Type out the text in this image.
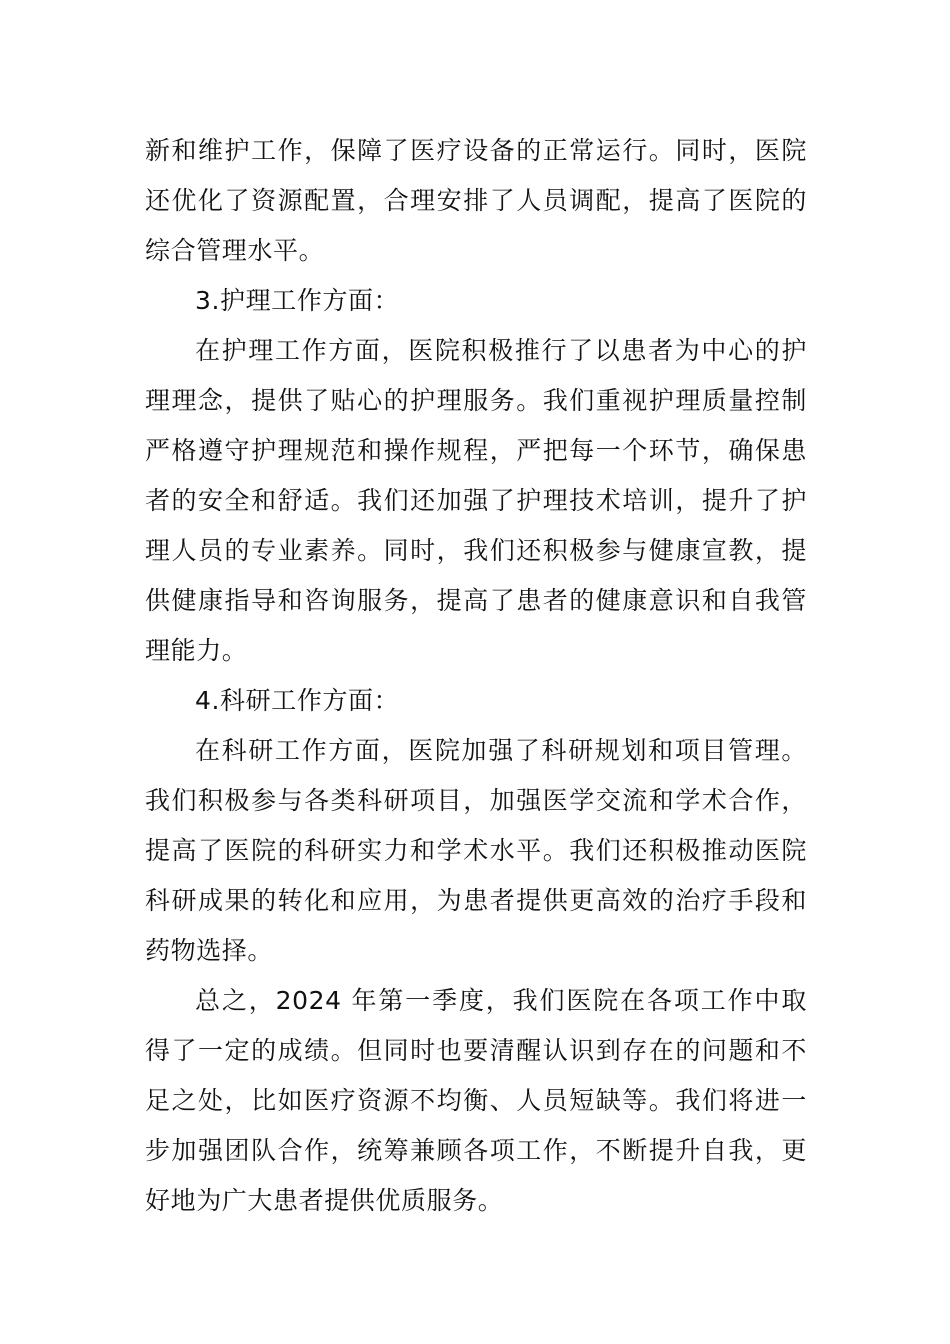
新和维护工作，保障了医疗设备的正常运行。同时，医院还优化了资源配置，合理安排了人员调配，提高了医院的综合管理水平。

3.护理工作方面：

在护理工作方面，医院积极推行了以患者为中心的护理理念，提供了贴心的护理服务。我们重视护理质量控制严格遵守护理规范和操作规程，严把每一个环节，确保患者的安全和舒适。我们还加强了护理技术培训，提升了护理人员的专业素养。同时，我们还积极参与健康宣教，提供健康指导和咨询服务，提高了患者的健康意识和自我管理能力。

4.科研工作方面：

在科研工作方面，医院加强了科研规划和项目管理。我们积极参与各类科研项目，加强医学交流和学术合作，提高了医院的科研实力和学术水平。我们还积极推动医院科研成果的转化和应用，为患者提供更高效的治疗手段和药物选择。

总之，2024 年第一季度，我们医院在各项工作中取得了一定的成绩。但同时也要清醒认识到存在的问题和不足之处，比如医疗资源不均衡、人员短缺等。我们将进一步加强团队合作，统筹兼顾各项工作，不断提升自我，更好地为广大患者提供优质服务。
